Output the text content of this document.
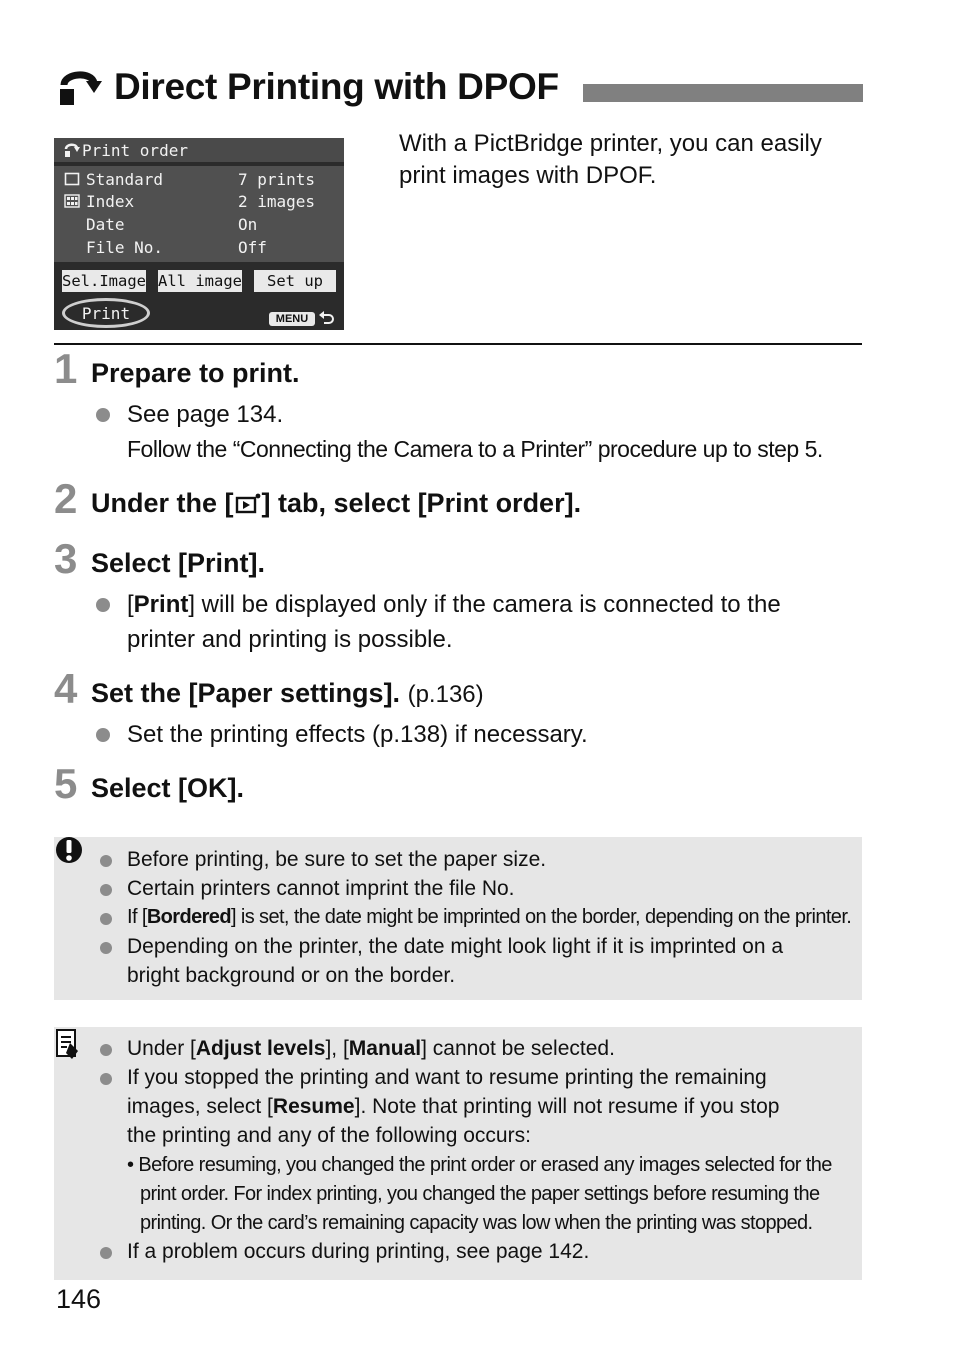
Direct Printing with DPOF
Print order
Standard	7 prints
Index	2 images
Date	On
File No.	Off
Sel.Image All image	Set up
Print	MENU
With a PictBridge printer, you can easily print images with DPOF.
1 Prepare to print.
See page 134.
Follow the “Connecting the Camera to a Printer” procedure up to step 5.
2 Under the [ ] tab, select [Print order].
3 Select [Print].
[Print] will be displayed only if the camera is connected to the
printer and printing is possible.
4 Set the [Paper settings]. (p.136)
Set the printing effects (p.138) if necessary.
5 Select [OK].
Before printing, be sure to set the paper size.
Certain printers cannot imprint the file No.
If [Bordered] is set, the date might be imprinted on the border, depending on the printer.
Depending on the printer, the date might look light if it is imprinted on a
bright background or on the border.
Under [Adjust levels], [Manual] cannot be selected.
If you stopped the printing and want to resume printing the remaining
images, select [Resume]. Note that printing will not resume if you stop
the printing and any of the following occurs:
• Before resuming, you changed the print order or erased any images selected for the
print order. For index printing, you changed the paper settings before resuming the
printing. Or the card’s remaining capacity was low when the printing was stopped.
If a problem occurs during printing, see page 142.
146
